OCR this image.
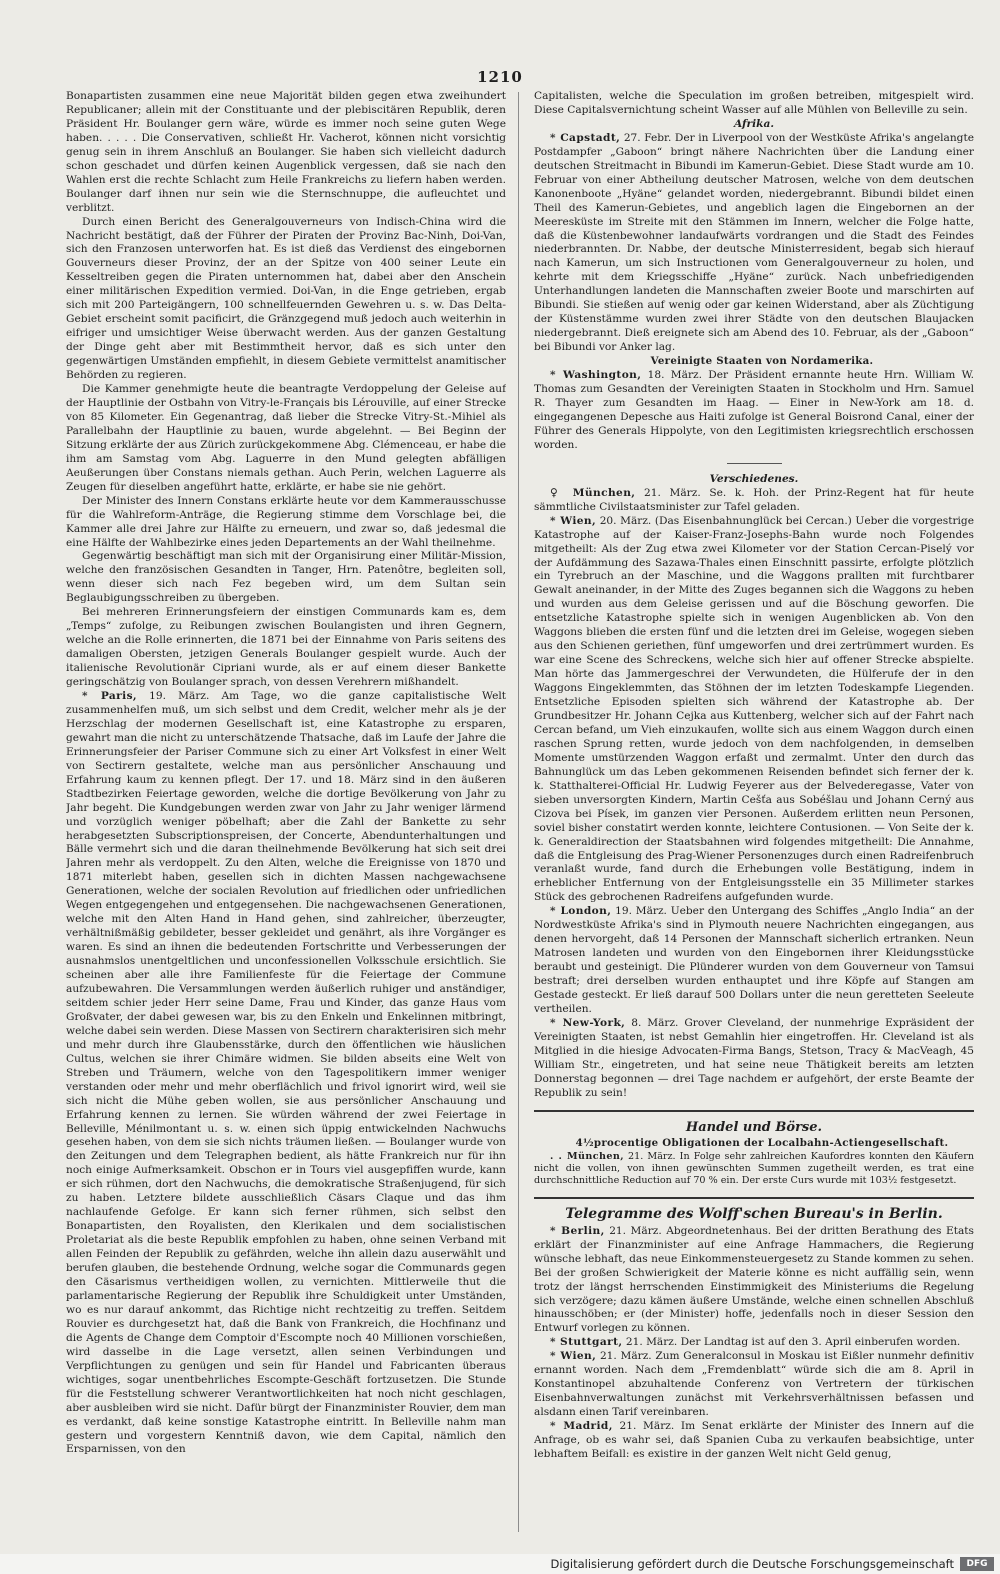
1210

Bonapartisten zusammen eine neue Majorität bilden gegen etwa zweihundert Republicaner; allein mit der Constituante und der plebiscitären Republik, deren Präsident Hr. Boulanger gern wäre, würde es immer noch seine guten Wege haben. . . . . Die Conservativen, schließt Hr. Vacherot, können nicht vorsichtig genug sein in ihrem Anschluß an Boulanger. Sie haben sich vielleicht dadurch schon geschadet und dürfen keinen Augenblick vergessen, daß sie nach den Wahlen erst die rechte Schlacht zum Heile Frankreichs zu liefern haben werden. Boulanger darf ihnen nur sein wie die Sternschnuppe, die aufleuchtet und verblitzt.

Durch einen Bericht des Generalgouverneurs von Indisch-China wird die Nachricht bestätigt, daß der Führer der Piraten der Provinz Bac-Ninh, Doi-Van, sich den Franzosen unterworfen hat. Es ist dieß das Verdienst des eingebornen Gouverneurs dieser Provinz, der an der Spitze von 400 seiner Leute ein Kesseltreiben gegen die Piraten unternommen hat, dabei aber den Anschein einer militärischen Expedition vermied. Doi-Van, in die Enge getrieben, ergab sich mit 200 Parteigängern, 100 schnellfeuernden Gewehren u. s. w. Das Delta-Gebiet erscheint somit pacificirt, die Gränzgegend muß jedoch auch weiterhin in eifriger und umsichtiger Weise überwacht werden. Aus der ganzen Gestaltung der Dinge geht aber mit Bestimmtheit hervor, daß es sich unter den gegenwärtigen Umständen empfiehlt, in diesem Gebiete vermittelst anamitischer Behörden zu regieren.

Die Kammer genehmigte heute die beantragte Verdoppelung der Geleise auf der Hauptlinie der Ostbahn von Vitry-le-Français bis Lérouville, auf einer Strecke von 85 Kilometer. Ein Gegenantrag, daß lieber die Strecke Vitry-St.-Mihiel als Parallelbahn der Hauptlinie zu bauen, wurde abgelehnt. — Bei Beginn der Sitzung erklärte der aus Zürich zurückgekommene Abg. Clémenceau, er habe die ihm am Samstag vom Abg. Laguerre in den Mund gelegten abfälligen Aeußerungen über Constans niemals gethan. Auch Perin, welchen Laguerre als Zeugen für dieselben angeführt hatte, erklärte, er habe sie nie gehört.

Der Minister des Innern Constans erklärte heute vor dem Kammerausschusse für die Wahlreform-Anträge, die Regierung stimme dem Vorschlage bei, die Kammer alle drei Jahre zur Hälfte zu erneuern, und zwar so, daß jedesmal die eine Hälfte der Wahlbezirke eines jeden Departements an der Wahl theilnehme.

Gegenwärtig beschäftigt man sich mit der Organisirung einer Militär-Mission, welche den französischen Gesandten in Tanger, Hrn. Patenôtre, begleiten soll, wenn dieser sich nach Fez begeben wird, um dem Sultan sein Beglaubigungsschreiben zu übergeben.

Bei mehreren Erinnerungsfeiern der einstigen Communards kam es, dem „Temps“ zufolge, zu Reibungen zwischen Boulangisten und ihren Gegnern, welche an die Rolle erinnerten, die 1871 bei der Einnahme von Paris seitens des damaligen Obersten, jetzigen Generals Boulanger gespielt wurde. Auch der italienische Revolutionär Cipriani wurde, als er auf einem dieser Bankette geringschätzig von Boulanger sprach, von dessen Verehrern mißhandelt.

* Paris, 19. März. Am Tage, wo die ganze capitalistische Welt zusammenhelfen muß, um sich selbst und dem Credit, welcher mehr als je der Herzschlag der modernen Gesellschaft ist, eine Katastrophe zu ersparen, gewahrt man die nicht zu unterschätzende Thatsache, daß im Laufe der Jahre die Erinnerungsfeier der Pariser Commune sich zu einer Art Volksfest in einer Welt von Sectirern gestaltete, welche man aus persönlicher Anschauung und Erfahrung kaum zu kennen pflegt. Der 17. und 18. März sind in den äußeren Stadtbezirken Feiertage geworden, welche die dortige Bevölkerung von Jahr zu Jahr begeht. Die Kundgebungen werden zwar von Jahr zu Jahr weniger lärmend und vorzüglich weniger pöbelhaft; aber die Zahl der Bankette zu sehr herabgesetzten Subscriptionspreisen, der Concerte, Abendunterhaltungen und Bälle vermehrt sich und die daran theilnehmende Bevölkerung hat sich seit drei Jahren mehr als verdoppelt. Zu den Alten, welche die Ereignisse von 1870 und 1871 miterlebt haben, gesellen sich in dichten Massen nachgewachsene Generationen, welche der socialen Revolution auf friedlichen oder unfriedlichen Wegen entgegengehen und entgegensehen. Die nachgewachsenen Generationen, welche mit den Alten Hand in Hand gehen, sind zahlreicher, überzeugter, verhältnißmäßig gebildeter, besser gekleidet und genährt, als ihre Vorgänger es waren. Es sind an ihnen die bedeutenden Fortschritte und Verbesserungen der ausnahmslos unentgeltlichen und unconfessionellen Volksschule ersichtlich. Sie scheinen aber alle ihre Familienfeste für die Feiertage der Commune aufzubewahren. Die Versammlungen werden äußerlich ruhiger und anständiger, seitdem schier jeder Herr seine Dame, Frau und Kinder, das ganze Haus vom Großvater, der dabei gewesen war, bis zu den Enkeln und Enkelinnen mitbringt, welche dabei sein werden. Diese Massen von Sectirern charakterisiren sich mehr und mehr durch ihre Glaubensstärke, durch den öffentlichen wie häuslichen Cultus, welchen sie ihrer Chimäre widmen. Sie bilden abseits eine Welt von Streben und Träumern, welche von den Tagespolitikern immer weniger verstanden oder mehr und mehr oberflächlich und frivol ignorirt wird, weil sie sich nicht die Mühe geben wollen, sie aus persönlicher Anschauung und Erfahrung kennen zu lernen. Sie würden während der zwei Feiertage in Belleville, Ménilmontant u. s. w. einen sich üppig entwickelnden Nachwuchs gesehen haben, von dem sie sich nichts träumen ließen. — Boulanger wurde von den Zeitungen und dem Telegraphen bedient, als hätte Frankreich nur für ihn noch einige Aufmerksamkeit. Obschon er in Tours viel ausgepfiffen wurde, kann er sich rühmen, dort den Nachwuchs, die demokratische Straßenjugend, für sich zu haben. Letztere bildete ausschließlich Cäsars Claque und das ihm nachlaufende Gefolge. Er kann sich ferner rühmen, sich selbst den Bonapartisten, den Royalisten, den Klerikalen und dem socialistischen Proletariat als die beste Republik empfohlen zu haben, ohne seinen Verband mit allen Feinden der Republik zu gefährden, welche ihn allein dazu auserwählt und berufen glauben, die bestehende Ordnung, welche sogar die Communards gegen den Cäsarismus vertheidigen wollen, zu vernichten. Mittlerweile thut die parlamentarische Regierung der Republik ihre Schuldigkeit unter Umständen, wo es nur darauf ankommt, das Richtige nicht rechtzeitig zu treffen. Seitdem Rouvier es durchgesetzt hat, daß die Bank von Frankreich, die Hochfinanz und die Agents de Change dem Comptoir d'Escompte noch 40 Millionen vorschießen, wird dasselbe in die Lage versetzt, allen seinen Verbindungen und Verpflichtungen zu genügen und sein für Handel und Fabricanten überaus wichtiges, sogar unentbehrliches Escompte-Geschäft fortzusetzen. Die Stunde für die Feststellung schwerer Verantwortlichkeiten hat noch nicht geschlagen, aber ausbleiben wird sie nicht. Dafür bürgt der Finanzminister Rouvier, dem man es verdankt, daß keine sonstige Katastrophe eintritt. In Belleville nahm man gestern und vorgestern Kenntniß davon, wie dem Capital, nämlich den Ersparnissen, von den

Capitalisten, welche die Speculation im großen betreiben, mitgespielt wird. Diese Capitalsvernichtung scheint Wasser auf alle Mühlen von Belleville zu sein.

Afrika.

* Capstadt, 27. Febr. Der in Liverpool von der Westküste Afrika's angelangte Postdampfer „Gaboon“ bringt nähere Nachrichten über die Landung einer deutschen Streitmacht in Bibundi im Kamerun-Gebiet. Diese Stadt wurde am 10. Februar von einer Abtheilung deutscher Matrosen, welche von dem deutschen Kanonenboote „Hyäne“ gelandet worden, niedergebrannt. Bibundi bildet einen Theil des Kamerun-Gebietes, und angeblich lagen die Eingebornen an der Meeresküste im Streite mit den Stämmen im Innern, welcher die Folge hatte, daß die Küstenbewohner landaufwärts vordrangen und die Stadt des Feindes niederbrannten. Dr. Nabbe, der deutsche Ministerresident, begab sich hierauf nach Kamerun, um sich Instructionen vom Generalgouverneur zu holen, und kehrte mit dem Kriegsschiffe „Hyäne“ zurück. Nach unbefriedigenden Unterhandlungen landeten die Mannschaften zweier Boote und marschirten auf Bibundi. Sie stießen auf wenig oder gar keinen Widerstand, aber als Züchtigung der Küstenstämme wurden zwei ihrer Städte von den deutschen Blaujacken niedergebrannt. Dieß ereignete sich am Abend des 10. Februar, als der „Gaboon“ bei Bibundi vor Anker lag.

Vereinigte Staaten von Nordamerika.

* Washington, 18. März. Der Präsident ernannte heute Hrn. William W. Thomas zum Gesandten der Vereinigten Staaten in Stockholm und Hrn. Samuel R. Thayer zum Gesandten im Haag. — Einer in New-York am 18. d. eingegangenen Depesche aus Haiti zufolge ist General Boisrond Canal, einer der Führer des Generals Hippolyte, von den Legitimisten kriegsrechtlich erschossen worden.

Verschiedenes.

♀ München, 21. März. Se. k. Hoh. der Prinz-Regent hat für heute sämmtliche Civilstaatsminister zur Tafel geladen.

* Wien, 20. März. (Das Eisenbahnunglück bei Cercan.) Ueber die vorgestrige Katastrophe auf der Kaiser-Franz-Josephs-Bahn wurde noch Folgendes mitgetheilt: Als der Zug etwa zwei Kilometer vor der Station Cercan-Piselý vor der Aufdämmung des Sazawa-Thales einen Einschnitt passirte, erfolgte plötzlich ein Tyrebruch an der Maschine, und die Waggons prallten mit furchtbarer Gewalt aneinander, in der Mitte des Zuges begannen sich die Waggons zu heben und wurden aus dem Geleise gerissen und auf die Böschung geworfen. Die entsetzliche Katastrophe spielte sich in wenigen Augenblicken ab. Von den Waggons blieben die ersten fünf und die letzten drei im Geleise, wogegen sieben aus den Schienen geriethen, fünf umgeworfen und drei zertrümmert wurden. Es war eine Scene des Schreckens, welche sich hier auf offener Strecke abspielte. Man hörte das Jammergeschrei der Verwundeten, die Hülferufe der in den Waggons Eingeklemmten, das Stöhnen der im letzten Todeskampfe Liegenden. Entsetzliche Episoden spielten sich während der Katastrophe ab. Der Grundbesitzer Hr. Johann Cejka aus Kuttenberg, welcher sich auf der Fahrt nach Cercan befand, um Vieh einzukaufen, wollte sich aus einem Waggon durch einen raschen Sprung retten, wurde jedoch von dem nachfolgenden, in demselben Momente umstürzenden Waggon erfaßt und zermalmt. Unter den durch das Bahnunglück um das Leben gekommenen Reisenden befindet sich ferner der k. k. Statthalterei-Official Hr. Ludwig Feyerer aus der Belvederegasse, Vater von sieben unversorgten Kindern, Martin Cešťa aus Sobéšlau und Johann Cerný aus Cizova bei Písek, im ganzen vier Personen. Außerdem erlitten neun Personen, soviel bisher constatirt werden konnte, leichtere Contusionen. — Von Seite der k. k. Generaldirection der Staatsbahnen wird folgendes mitgetheilt: Die Annahme, daß die Entgleisung des Prag-Wiener Personenzuges durch einen Radreifenbruch veranlaßt wurde, fand durch die Erhebungen volle Bestätigung, indem in erheblicher Entfernung von der Entgleisungsstelle ein 35 Millimeter starkes Stück des gebrochenen Radreifens aufgefunden wurde.

* London, 19. März. Ueber den Untergang des Schiffes „Anglo India“ an der Nordwestküste Afrika's sind in Plymouth neuere Nachrichten eingegangen, aus denen hervorgeht, daß 14 Personen der Mannschaft sicherlich ertranken. Neun Matrosen landeten und wurden von den Eingebornen ihrer Kleidungsstücke beraubt und gesteinigt. Die Plünderer wurden von dem Gouverneur von Tamsui bestraft; drei derselben wurden enthauptet und ihre Köpfe auf Stangen am Gestade gesteckt. Er ließ darauf 500 Dollars unter die neun geretteten Seeleute vertheilen.

* New-York, 8. März. Grover Cleveland, der nunmehrige Expräsident der Vereinigten Staaten, ist nebst Gemahlin hier eingetroffen. Hr. Cleveland ist als Mitglied in die hiesige Advocaten-Firma Bangs, Stetson, Tracy & MacVeagh, 45 William Str., eingetreten, und hat seine neue Thätigkeit bereits am letzten Donnerstag begonnen — drei Tage nachdem er aufgehört, der erste Beamte der Republik zu sein!

Handel und Börse.

4½procentige Obligationen der Localbahn-Actiengesellschaft.

. . München, 21. März. In Folge sehr zahlreichen Kaufordres konnten den Käufern nicht die vollen, von ihnen gewünschten Summen zugetheilt werden, es trat eine durchschnittliche Reduction auf 70 % ein. Der erste Curs wurde mit 103½ festgesetzt.

Telegramme des Wolff'schen Bureau's in Berlin.

* Berlin, 21. März. Abgeordnetenhaus. Bei der dritten Berathung des Etats erklärt der Finanzminister auf eine Anfrage Hammachers, die Regierung wünsche lebhaft, das neue Einkommensteuergesetz zu Stande kommen zu sehen. Bei der großen Schwierigkeit der Materie könne es nicht auffällig sein, wenn trotz der längst herrschenden Einstimmigkeit des Ministeriums die Regelung sich verzögere; dazu kämen äußere Umstände, welche einen schnellen Abschluß hinausschöben; er (der Minister) hoffe, jedenfalls noch in dieser Session den Entwurf vorlegen zu können.

* Stuttgart, 21. März. Der Landtag ist auf den 3. April einberufen worden.

* Wien, 21. März. Zum Generalconsul in Moskau ist Eißler nunmehr definitiv ernannt worden. Nach dem „Fremdenblatt“ würde sich die am 8. April in Konstantinopel abzuhaltende Conferenz von Vertretern der türkischen Eisenbahnverwaltungen zunächst mit Verkehrsverhältnissen befassen und alsdann einen Tarif vereinbaren.

* Madrid, 21. März. Im Senat erklärte der Minister des Innern auf die Anfrage, ob es wahr sei, daß Spanien Cuba zu verkaufen beabsichtige, unter lebhaftem Beifall: es existire in der ganzen Welt nicht Geld genug,

Digitalisierung gefördert durch die Deutsche Forschungsgemeinschaft	DFG
